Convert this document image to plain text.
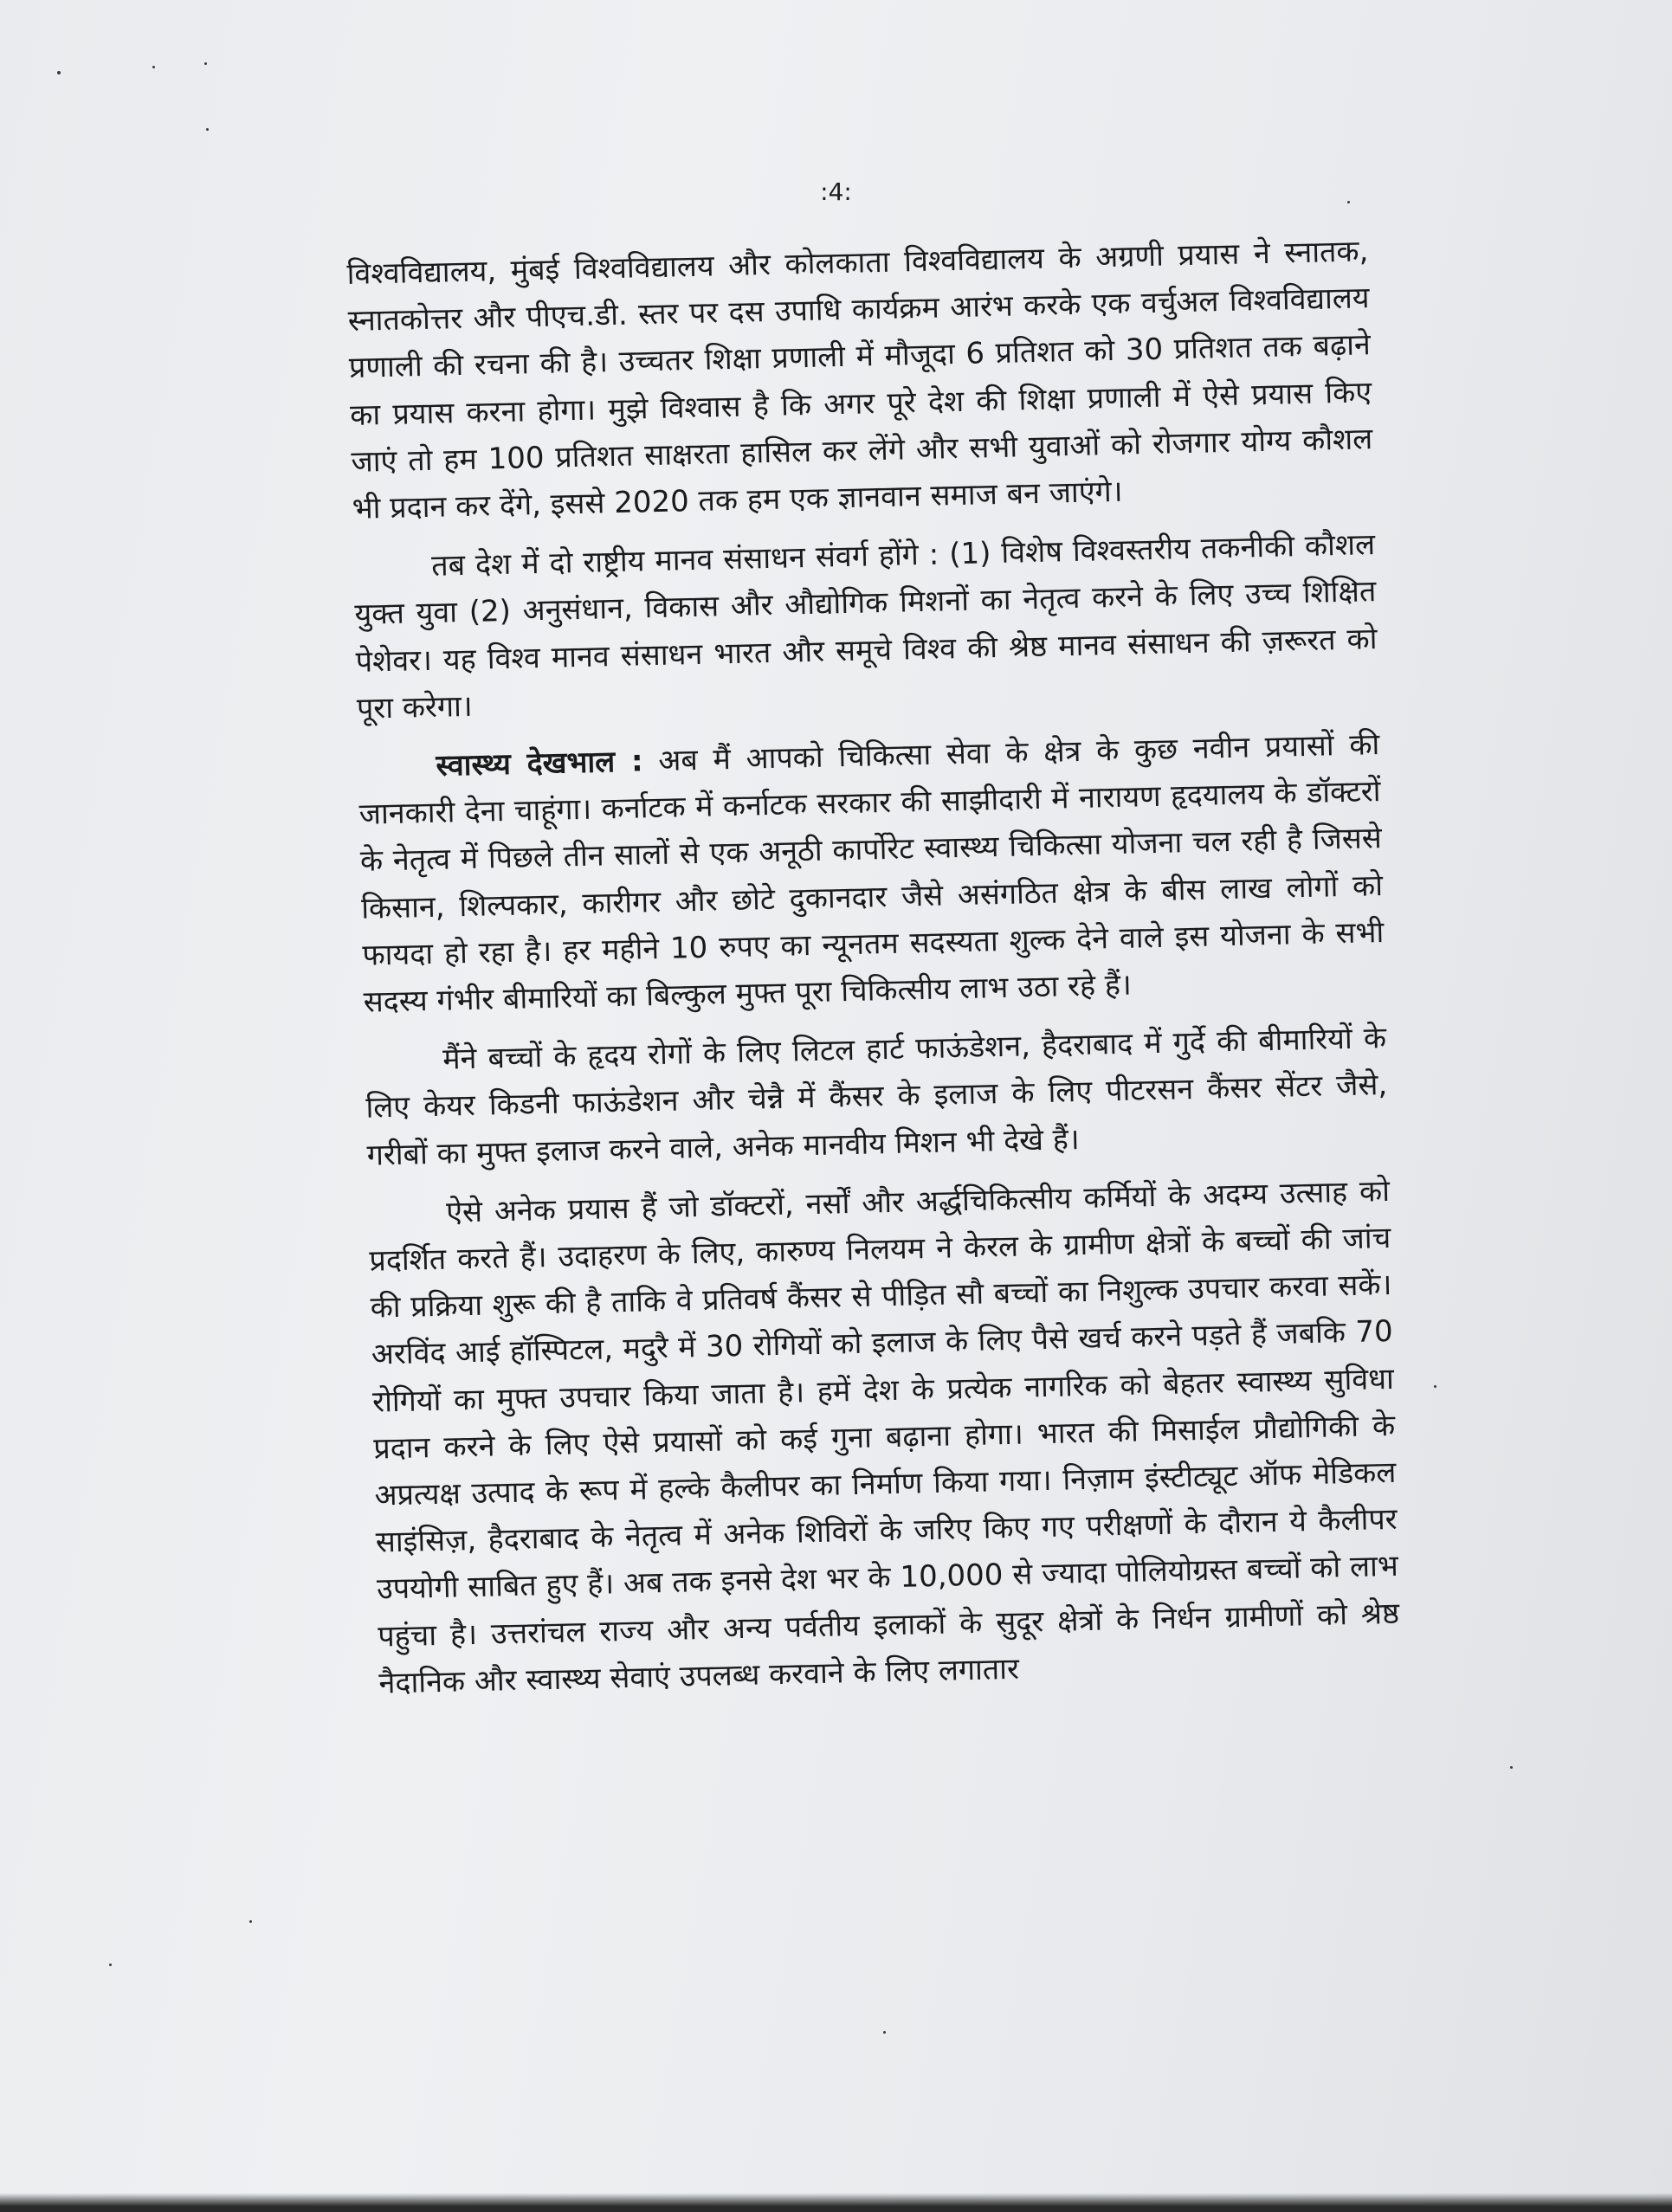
:4:

विश्वविद्यालय, मुंबई विश्वविद्यालय और कोलकाता विश्वविद्यालय के अग्रणी प्रयास ने स्नातक, स्नातकोत्तर और पीएच.डी. स्तर पर दस उपाधि कार्यक्रम आरंभ करके एक वर्चुअल विश्वविद्यालय प्रणाली की रचना की है। उच्चतर शिक्षा प्रणाली में मौजूदा 6 प्रतिशत को 30 प्रतिशत तक बढ़ाने का प्रयास करना होगा। मुझे विश्वास है कि अगर पूरे देश की शिक्षा प्रणाली में ऐसे प्रयास किए जाएं तो हम 100 प्रतिशत साक्षरता हासिल कर लेंगे और सभी युवाओं को रोजगार योग्य कौशल भी प्रदान कर देंगे, इससे 2020 तक हम एक ज्ञानवान समाज बन जाएंगे।

तब देश में दो राष्ट्रीय मानव संसाधन संवर्ग होंगे : (1) विशेष विश्वस्तरीय तकनीकी कौशल युक्त युवा (2) अनुसंधान, विकास और औद्योगिक मिशनों का नेतृत्व करने के लिए उच्च शिक्षित पेशेवर। यह विश्व मानव संसाधन भारत और समूचे विश्व की श्रेष्ठ मानव संसाधन की ज़रूरत को पूरा करेगा।

स्वास्थ्य देखभाल : अब मैं आपको चिकित्सा सेवा के क्षेत्र के कुछ नवीन प्रयासों की जानकारी देना चाहूंगा। कर्नाटक में कर्नाटक सरकार की साझीदारी में नारायण हृदयालय के डॉक्टरों के नेतृत्व में पिछले तीन सालों से एक अनूठी कार्पोरेट स्वास्थ्य चिकित्सा योजना चल रही है जिससे किसान, शिल्पकार, कारीगर और छोटे दुकानदार जैसे असंगठित क्षेत्र के बीस लाख लोगों को फायदा हो रहा है। हर महीने 10 रुपए का न्यूनतम सदस्यता शुल्क देने वाले इस योजना के सभी सदस्य गंभीर बीमारियों का बिल्कुल मुफ्त पूरा चिकित्सीय लाभ उठा रहे हैं।

मैंने बच्चों के हृदय रोगों के लिए लिटल हार्ट फाऊंडेशन, हैदराबाद में गुर्दे की बीमारियों के लिए केयर किडनी फाऊंडेशन और चेन्नै में कैंसर के इलाज के लिए पीटरसन कैंसर सेंटर जैसे, गरीबों का मुफ्त इलाज करने वाले, अनेक मानवीय मिशन भी देखे हैं।

ऐसे अनेक प्रयास हैं जो डॉक्टरों, नर्सों और अर्द्धचिकित्सीय कर्मियों के अदम्य उत्साह को प्रदर्शित करते हैं। उदाहरण के लिए, कारुण्य निलयम ने केरल के ग्रामीण क्षेत्रों के बच्चों की जांच की प्रक्रिया शुरू की है ताकि वे प्रतिवर्ष कैंसर से पीड़ित सौ बच्चों का निशुल्क उपचार करवा सकें। अरविंद आई हॉस्पिटल, मदुरै में 30 रोगियों को इलाज के लिए पैसे खर्च करने पड़ते हैं जबकि 70 रोगियों का मुफ्त उपचार किया जाता है। हमें देश के प्रत्येक नागरिक को बेहतर स्वास्थ्य सुविधा प्रदान करने के लिए ऐसे प्रयासों को कई गुना बढ़ाना होगा। भारत की मिसाईल प्रौद्योगिकी के अप्रत्यक्ष उत्पाद के रूप में हल्के कैलीपर का निर्माण किया गया। निज़ाम इंस्टीट्यूट ऑफ मेडिकल साइंसिज़, हैदराबाद के नेतृत्व में अनेक शिविरों के जरिए किए गए परीक्षणों के दौरान ये कैलीपर उपयोगी साबित हुए हैं। अब तक इनसे देश भर के 10,000 से ज्यादा पोलियोग्रस्त बच्चों को लाभ पहुंचा है। उत्तरांचल राज्य और अन्य पर्वतीय इलाकों के सुदूर क्षेत्रों के निर्धन ग्रामीणों को श्रेष्ठ नैदानिक और स्वास्थ्य सेवाएं उपलब्ध करवाने के लिए लगातार
